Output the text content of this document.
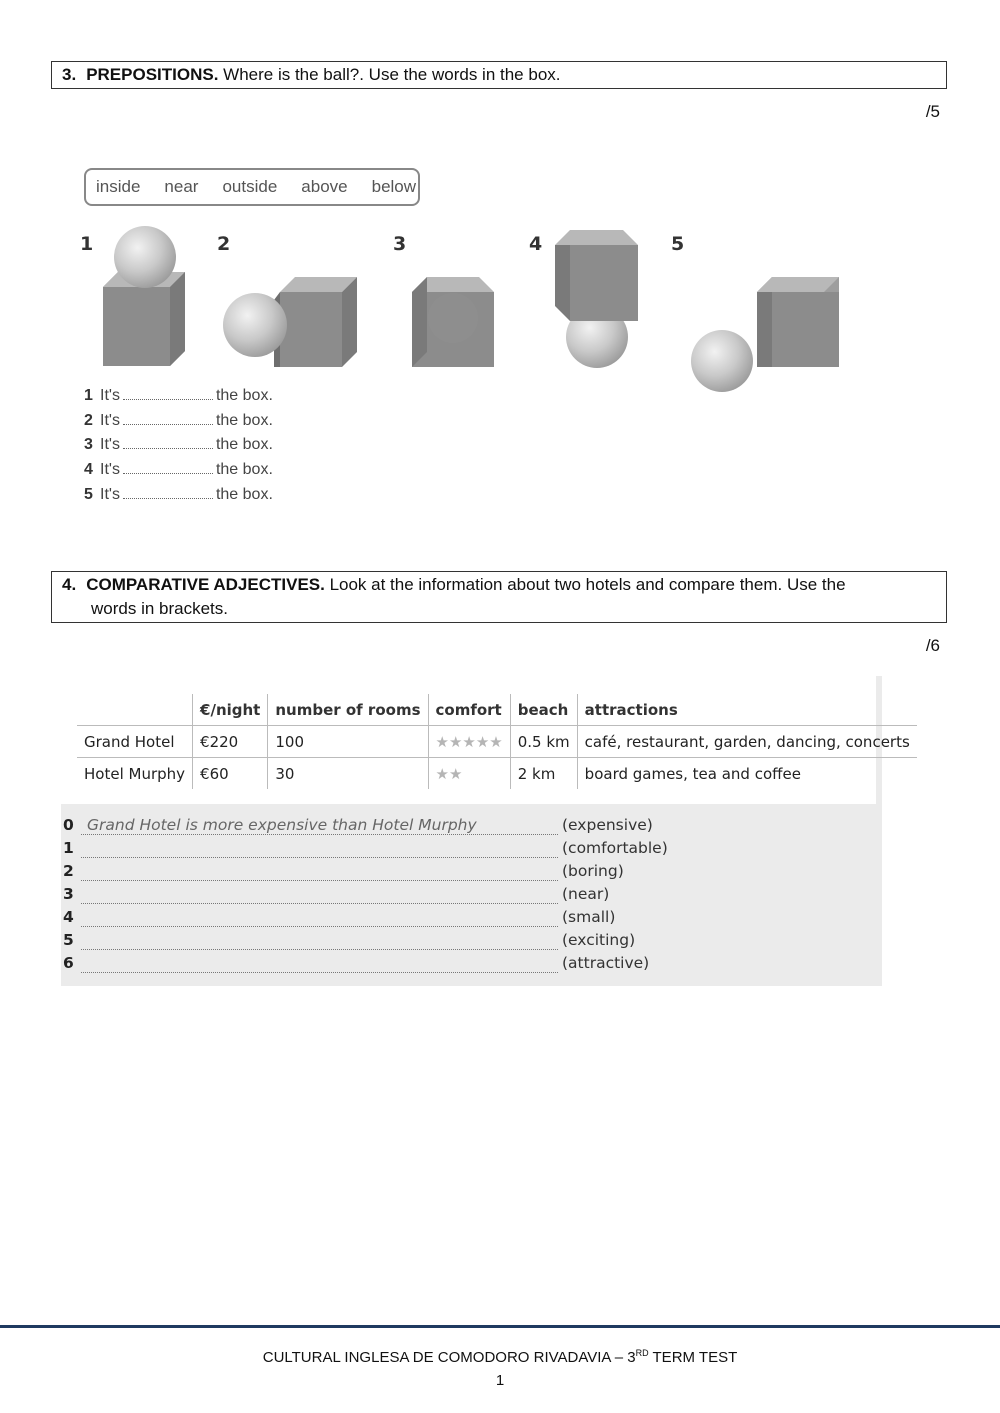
3. PREPOSITIONS. Where is the ball?. Use the words in the box.
/5
inside near outside above below
1	2	3	4	5
1 It's	the box.
2 It's	the box.
3 It's	the box.
4 It's	the box.
5 It's	the box.
4. COMPARATIVE ADJECTIVES. Look at the information about two hotels and compare them. Use the
words in brackets.
/6
	€/night	number of rooms	comfort	beach	attractions
Grand Hotel	€220	100	★★★★★	0.5 km	café, restaurant, garden, dancing, concerts
Hotel Murphy	€60	30	★★	2 km	board games, tea and coffee
0 Grand Hotel is more expensive than Hotel Murphy	(expensive)
1	(comfortable)
2	(boring)
3	(near)
4	(small)
5	(exciting)
6	(attractive)
CULTURAL INGLESA DE COMODORO RIVADAVIA – 3RD TERM TEST
1
